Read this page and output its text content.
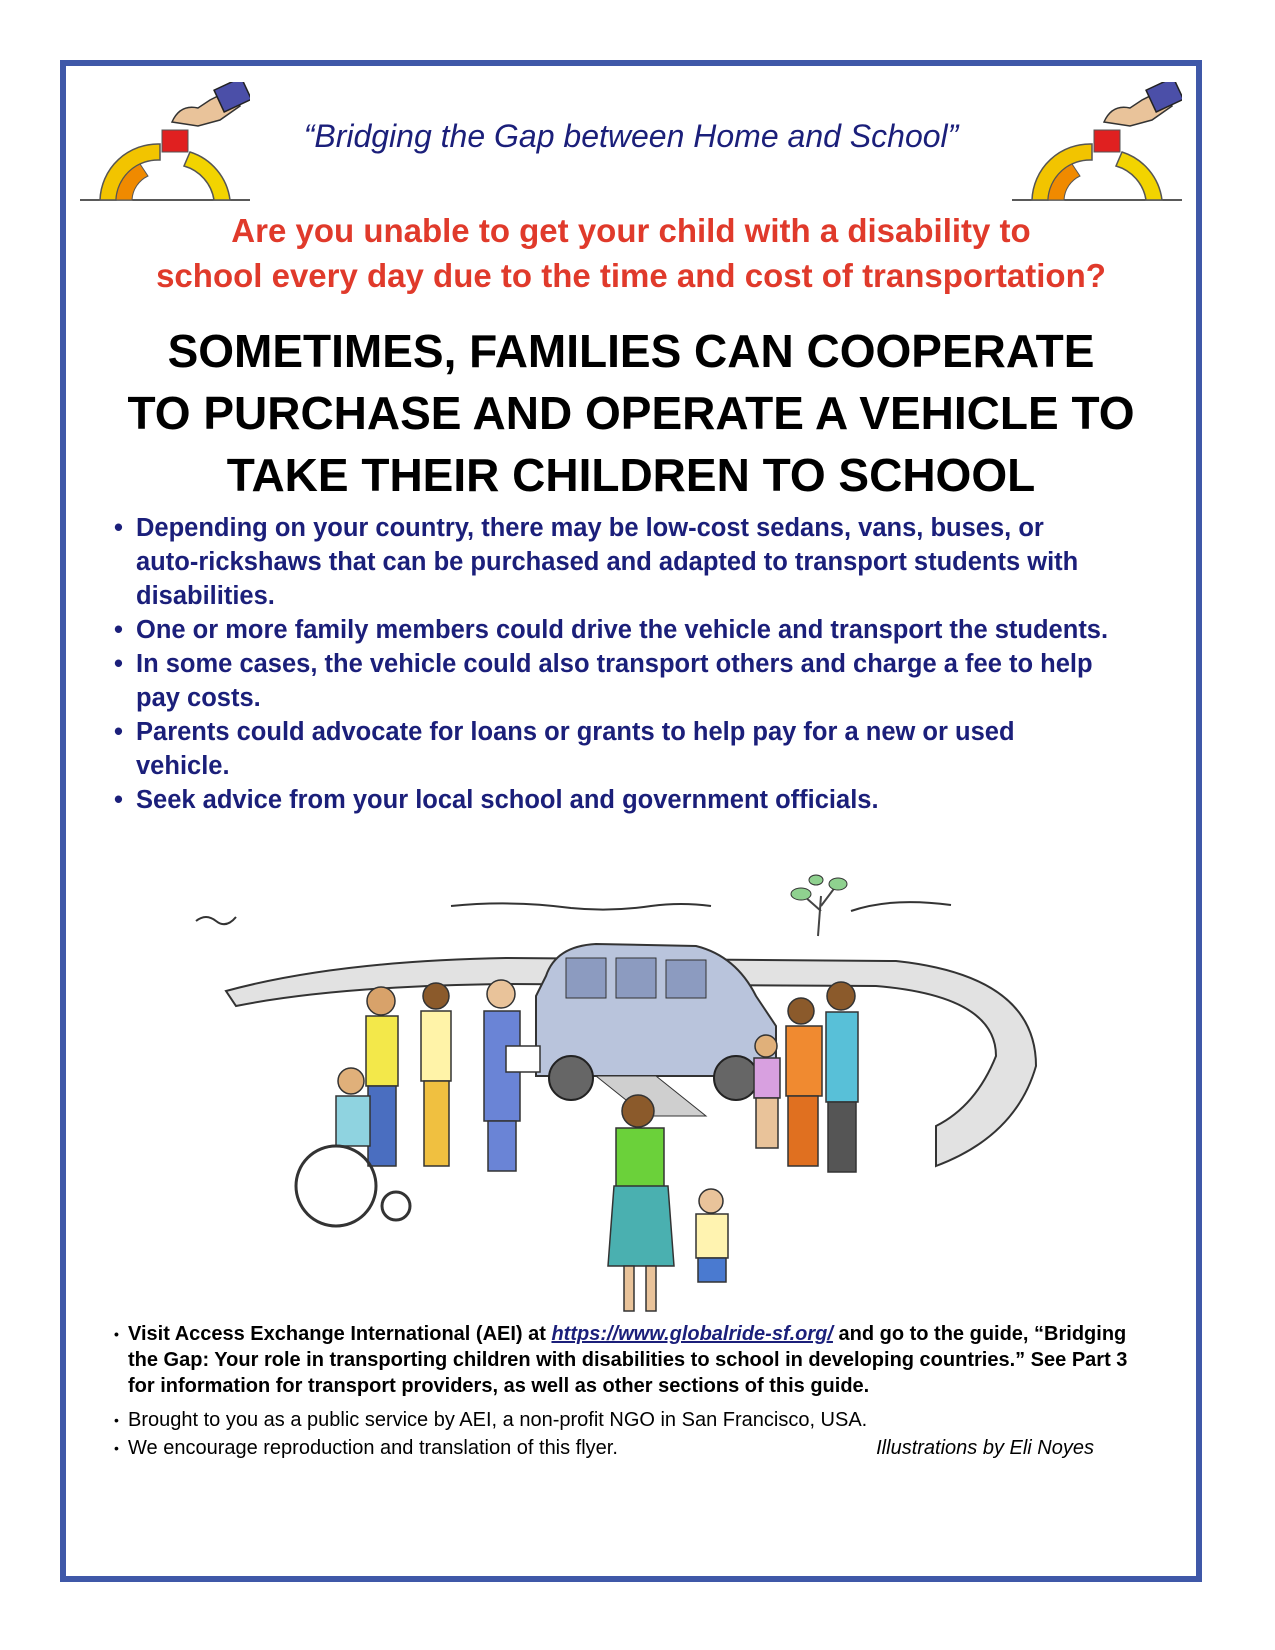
“Bridging the Gap between Home and School”
Are you unable to get your child with a disability to
school every day due to the time and cost of transportation?
SOMETIMES, FAMILIES CAN COOPERATE
TO PURCHASE AND OPERATE A VEHICLE TO
TAKE THEIR CHILDREN TO SCHOOL
• Depending on your country, there may be low-cost sedans, vans, buses, or auto-rickshaws that can be purchased and adapted to transport students with disabilities.
• One or more family members could drive the vehicle and transport the students.
• In some cases, the vehicle could also transport others and charge a fee to help pay costs.
• Parents could advocate for loans or grants to help pay for a new or used vehicle.
• Seek advice from your local school and government officials.
• Visit Access Exchange International (AEI) at https://www.globalride-sf.org/ and go to the guide, “Bridging the Gap: Your role in transporting children with disabilities to school in developing countries.” See Part 3 for information for transport providers, as well as other sections of this guide.
• Brought to you as a public service by AEI, a non-profit NGO in San Francisco, USA.
• We encourage reproduction and translation of this flyer.	Illustrations by Eli Noyes
